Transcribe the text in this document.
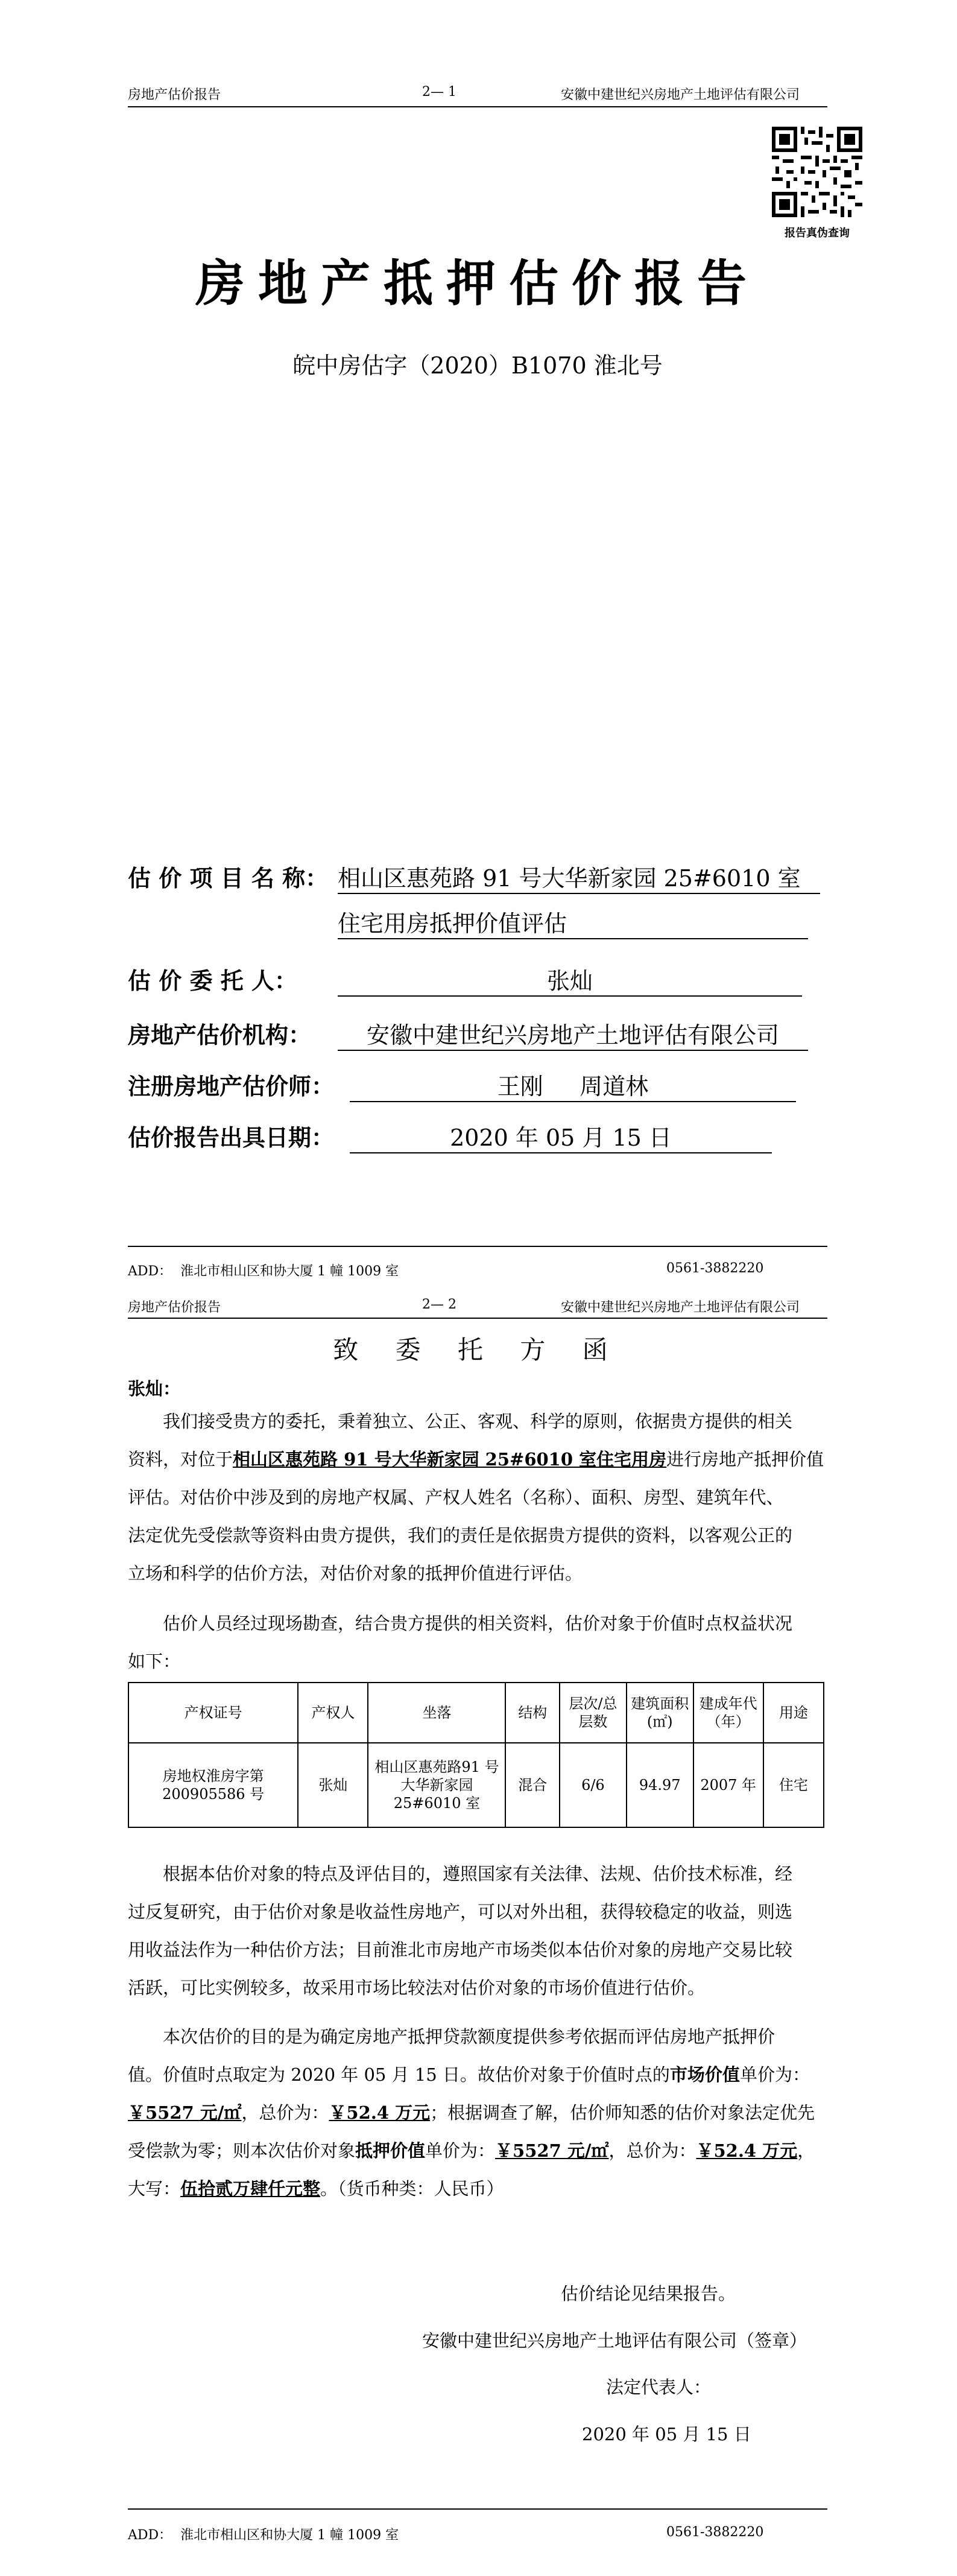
房地产估价报告	2— 1	安徽中建世纪兴房地产土地评估有限公司
报告真伪查询
房地产抵押估价报告
皖中房估字（2020）B1070 淮北号
估 价 项 目 名 称： 相山区惠苑路 91 号大华新家园 25#6010 室
住宅用房抵押价值评估
估 价 委 托 人：	张灿
房地产估价机构：	安徽中建世纪兴房地产土地评估有限公司
注册房地产估价师：	王刚     周道林
估价报告出具日期：	2020 年 05 月 15 日
ADD：  淮北市相山区和协大厦 1 幢 1009 室	0561-3882220
房地产估价报告	2— 2	安徽中建世纪兴房地产土地评估有限公司
致 委 托 方 函
张灿：
我们接受贵方的委托，秉着独立、公正、客观、科学的原则，依据贵方提供的相关
资料，对位于相山区惠苑路 91 号大华新家园 25#6010 室住宅用房进行房地产抵押价值
评估。对估价中涉及到的房地产权属、产权人姓名（名称）、面积、房型、建筑年代、
法定优先受偿款等资料由贵方提供，我们的责任是依据贵方提供的资料，以客观公正的
立场和科学的估价方法，对估价对象的抵押价值进行评估。
估价人员经过现场勘查，结合贵方提供的相关资料，估价对象于价值时点权益状况
如下：
产权证号	产权人	坐落	结构	层次/总层数	建筑面积(㎡)	建成年代（年）	用途
房地权淮房字第200905586 号	张灿	相山区惠苑路91 号大华新家园 25#6010 室	混合	6/6	94.97	2007 年	住宅
根据本估价对象的特点及评估目的，遵照国家有关法律、法规、估价技术标准，经
过反复研究，由于估价对象是收益性房地产，可以对外出租，获得较稳定的收益，则选
用收益法作为一种估价方法；目前淮北市房地产市场类似本估价对象的房地产交易比较
活跃，可比实例较多，故采用市场比较法对估价对象的市场价值进行估价。
本次估价的目的是为确定房地产抵押贷款额度提供参考依据而评估房地产抵押价
值。价值时点取定为 2020 年 05 月 15 日。故估价对象于价值时点的市场价值单价为：
￥5527 元/㎡，总价为：￥52.4 万元；根据调查了解，估价师知悉的估价对象法定优先
受偿款为零；则本次估价对象抵押价值单价为：￥5527 元/㎡，总价为：￥52.4 万元，
大写：伍拾贰万肆仟元整。（货币种类：人民币）
估价结论见结果报告。
安徽中建世纪兴房地产土地评估有限公司（签章）
法定代表人：
2020 年 05 月 15 日
ADD：  淮北市相山区和协大厦 1 幢 1009 室	0561-3882220
